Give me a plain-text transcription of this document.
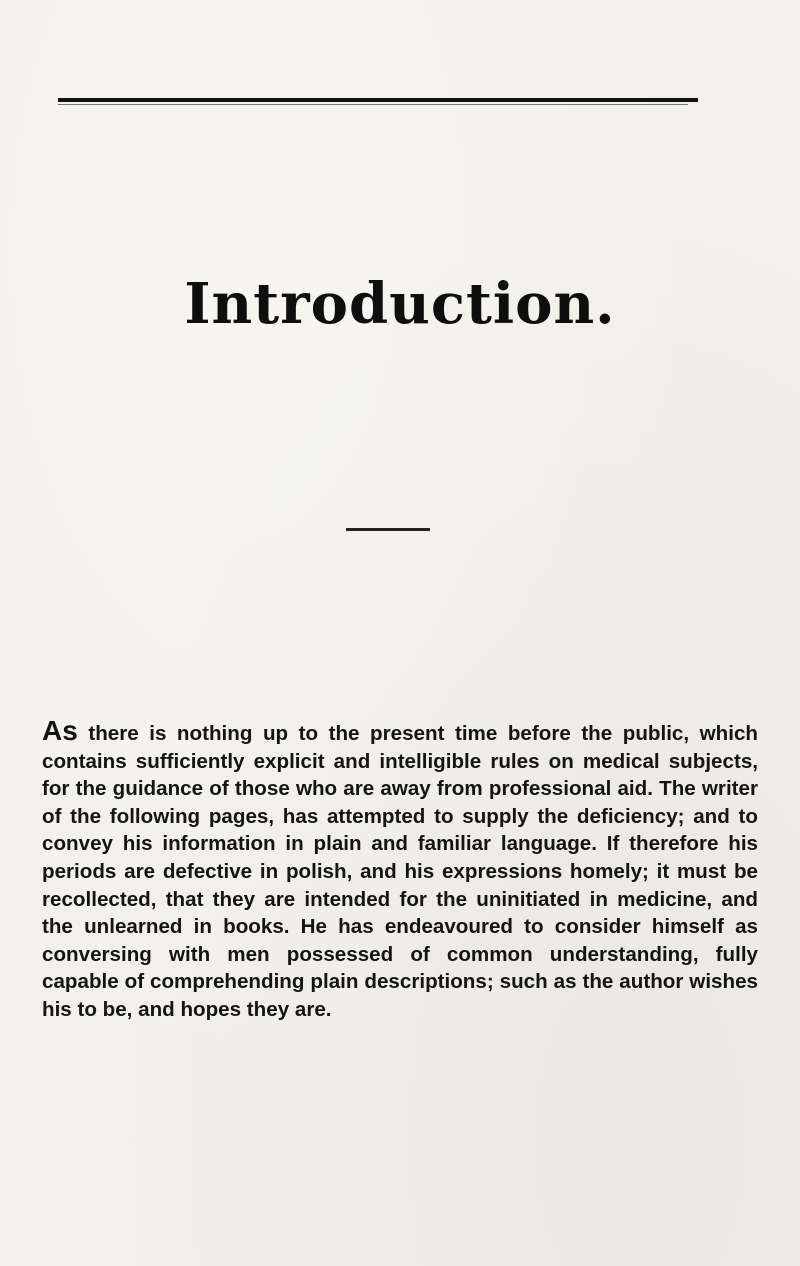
Introduction.

As there is nothing up to the present time before the public, which contains sufficiently explicit and intelligible rules on medical subjects, for the guidance of those who are away from professional aid. The writer of the following pages, has attempted to supply the deficiency; and to convey his information in plain and familiar language. If therefore his periods are defective in polish, and his expressions homely; it must be recollected, that they are intended for the uninitiated in medicine, and the unlearned in books. He has endeavoured to consider himself as conversing with men possessed of common understanding, fully capable of comprehending plain descriptions; such as the author wishes his to be, and hopes they are.
